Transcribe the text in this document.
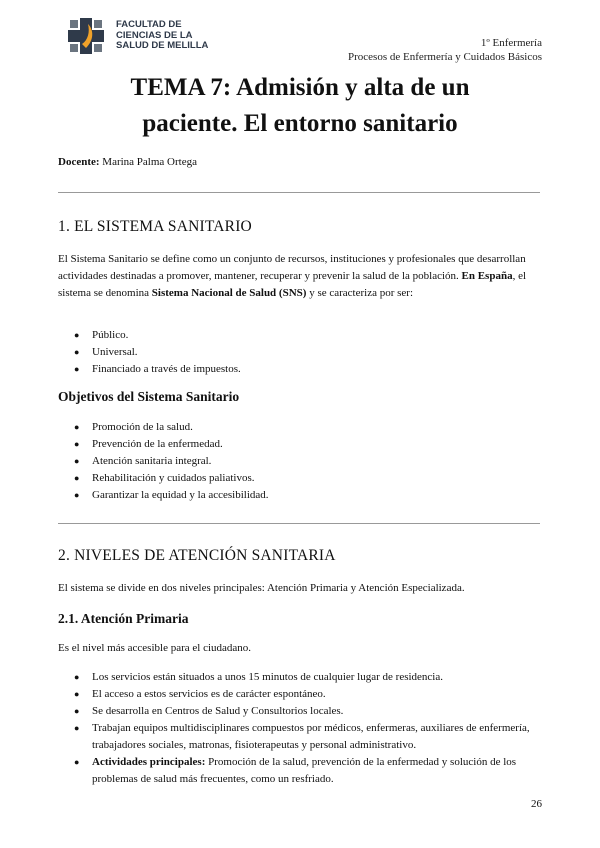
FACULTAD DE
CIENCIAS DE LA
SALUD DE MELILLA	1º Enfermería
Procesos de Enfermería y Cuidados Básicos
TEMA 7: Admisión y alta de un
paciente. El entorno sanitario
Docente: Marina Palma Ortega
1. EL SISTEMA SANITARIO
El Sistema Sanitario se define como un conjunto de recursos, instituciones y profesionales que desarrollan actividades destinadas a promover, mantener, recuperar y prevenir la salud de la población. En España, el sistema se denomina Sistema Nacional de Salud (SNS) y se caracteriza por ser:
● Público.
● Universal.
● Financiado a través de impuestos.
Objetivos del Sistema Sanitario
● Promoción de la salud.
● Prevención de la enfermedad.
● Atención sanitaria integral.
● Rehabilitación y cuidados paliativos.
● Garantizar la equidad y la accesibilidad.
2. NIVELES DE ATENCIÓN SANITARIA
El sistema se divide en dos niveles principales: Atención Primaria y Atención Especializada.
2.1. Atención Primaria
Es el nivel más accesible para el ciudadano.
● Los servicios están situados a unos 15 minutos de cualquier lugar de residencia.
● El acceso a estos servicios es de carácter espontáneo.
● Se desarrolla en Centros de Salud y Consultorios locales.
● Trabajan equipos multidisciplinares compuestos por médicos, enfermeras, auxiliares de enfermería, trabajadores sociales, matronas, fisioterapeutas y personal administrativo.
● Actividades principales: Promoción de la salud, prevención de la enfermedad y solución de los problemas de salud más frecuentes, como un resfriado.
26
